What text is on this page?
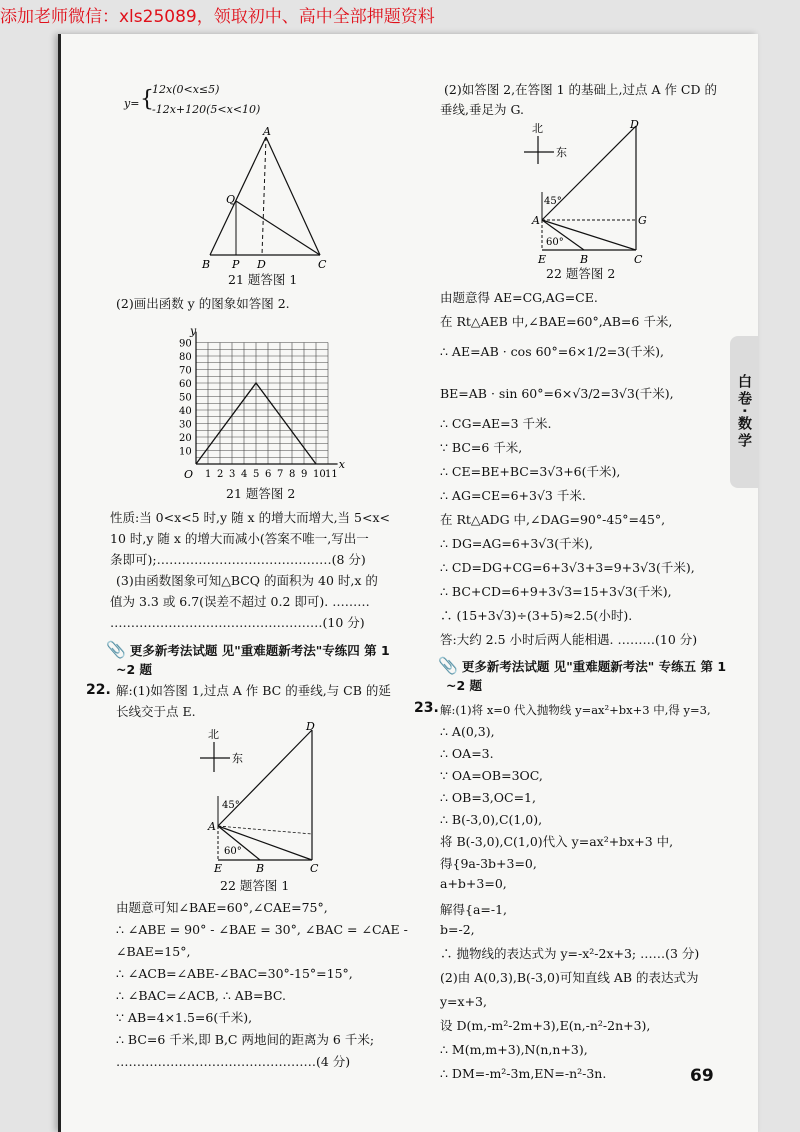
添加老师微信：xls25089，领取初中、高中全部押题资料
y= {
12x(0<x≤5)
-12x+120(5<x<10)
A
Q
B P D	C
21 题答图 1
(2)画出函数 y 的图象如答图 2.
1 2 3 4 5 6 7 8 9 10 11
10
20
30
40
50
60
70
80
90
O
x
y
21 题答图 2
性质:当 0<x<5 时,y 随 x 的增大而增大,当 5<x<
10 时,y 随 x 的增大而减小(答案不唯一,写出一
条即可);……………………………………(8 分)
(3)由函数图象可知△BCQ 的面积为 40 时,x 的
值为 3.3 或 6.7(误差不超过 0.2 即可). ………
……………………………………………(10 分)
📎 更多新考法试题 见"重难题新考法"专练四 第 1
~2 题
22. 解:(1)如答图 1,过点 A 作 BC 的垂线,与 CB 的延
长线交于点 E.
北
东
45°
60°
D
A
E	B	C
22 题答图 1
由题意可知∠BAE=60°,∠CAE=75°,
∴ ∠ABE = 90° - ∠BAE = 30°, ∠BAC = ∠CAE -
∠BAE=15°,
∴ ∠ACB=∠ABE-∠BAC=30°-15°=15°,
∴ ∠BAC=∠ACB, ∴ AB=BC.
∵ AB=4×1.5=6(千米),
∴ BC=6 千米,即 B,C 两地间的距离为 6 千米;
…………………………………………(4 分)
(2)如答图 2,在答图 1 的基础上,过点 A 作 CD 的
垂线,垂足为 G.
北
东
45°
60°
D
A	G
E	B	C
22 题答图 2
由题意得 AE=CG,AG=CE.
在 Rt△AEB 中,∠BAE=60°,AB=6 千米,
∴ AE=AB · cos 60°=6×1/2=3(千米),
BE=AB · sin 60°=6×√3/2=3√3(千米),
∴ CG=AE=3 千米.
∵ BC=6 千米,
∴ CE=BE+BC=3√3+6(千米),
∴ AG=CE=6+3√3 千米.
在 Rt△ADG 中,∠DAG=90°-45°=45°,
∴ DG=AG=6+3√3(千米),
∴ CD=DG+CG=6+3√3+3=9+3√3(千米),
∴ BC+CD=6+9+3√3=15+3√3(千米),
∴ (15+3√3)÷(3+5)≈2.5(小时).
答:大约 2.5 小时后两人能相遇. ………(10 分)
📎 更多新考法试题 见"重难题新考法" 专练五 第 1
~2 题
23. 解:(1)将 x=0 代入抛物线 y=ax²+bx+3 中,得 y=3,
∴ A(0,3),
∴ OA=3.
∵ OA=OB=3OC,
∴ OB=3,OC=1,
∴ B(-3,0),C(1,0),
将 B(-3,0),C(1,0)代入 y=ax²+bx+3 中,
得{9a-3b+3=0,
a+b+3=0,
解得{a=-1,
b=-2,
∴ 抛物线的表达式为 y=-x²-2x+3; ……(3 分)
(2)由 A(0,3),B(-3,0)可知直线 AB 的表达式为
y=x+3,
设 D(m,-m²-2m+3),E(n,-n²-2n+3),
∴ M(m,m+3),N(n,n+3),
∴ DM=-m²-3m,EN=-n²-3n.
白卷·数学
69
